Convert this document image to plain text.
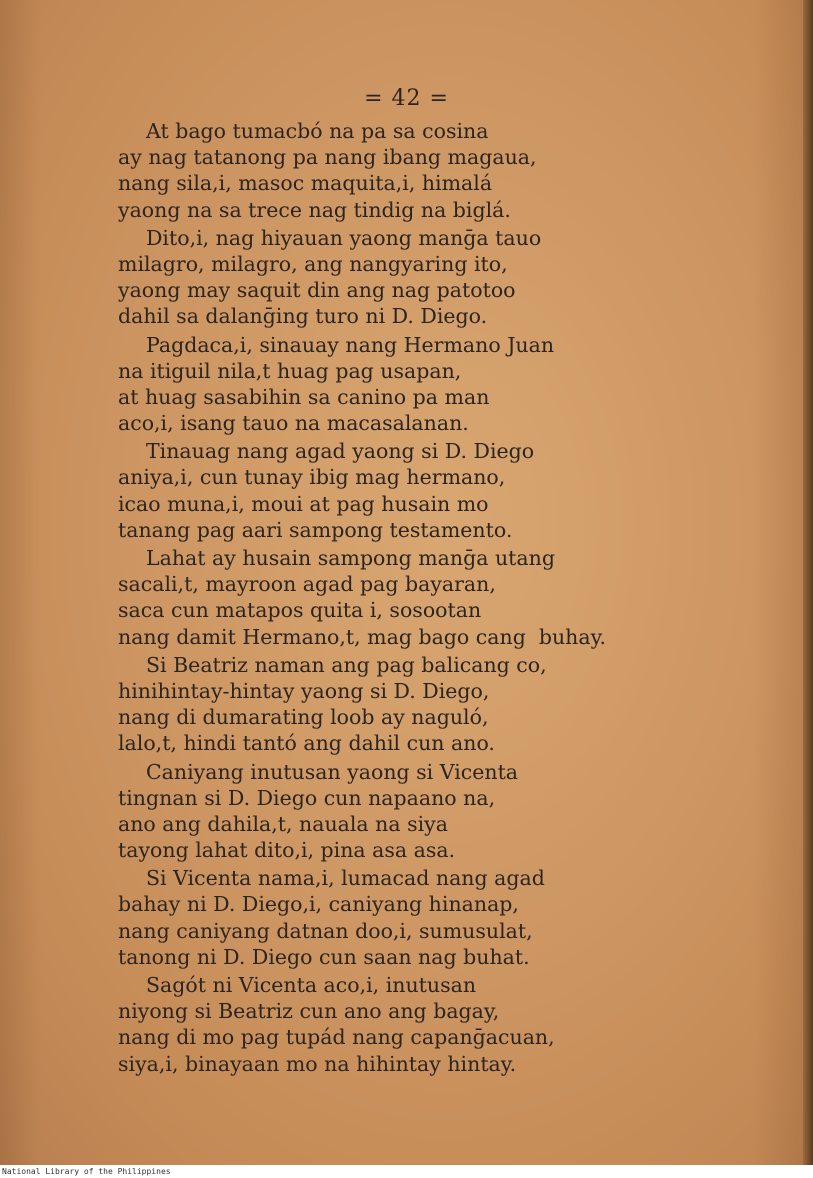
= 42 =
At bago tumacbó na pa sa cosina
ay nag tatanong pa nang ibang magaua,
nang sila,i, masoc maquita,i, himalá
yaong na sa trece nag tindig na biglá.
Dito,i, nag hiyauan yaong manḡa tauo
milagro, milagro, ang nangyaring ito,
yaong may saquit din ang nag patotoo
dahil sa dalanḡing turo ni D. Diego.
Pagdaca,i, sinauay nang Hermano Juan
na itiguil nila,t huag pag usapan,
at huag sasabihin sa canino pa man
aco,i, isang tauo na macasalanan.
Tinauag nang agad yaong si D. Diego
aniya,i, cun tunay ibig mag hermano,
icao muna,i, moui at pag husain mo
tanang pag aari sampong testamento.
Lahat ay husain sampong manḡa utang
sacali,t, mayroon agad pag bayaran,
saca cun matapos quita i, sosootan
nang damit Hermano,t, mag bago cang  buhay.
Si Beatriz naman ang pag balicang co,
hinihintay-hintay yaong si D. Diego,
nang di dumarating loob ay naguló,
lalo,t, hindi tantó ang dahil cun ano.
Caniyang inutusan yaong si Vicenta
tingnan si D. Diego cun napaano na,
ano ang dahila,t, nauala na siya
tayong lahat dito,i, pina asa asa.
Si Vicenta nama,i, lumacad nang agad
bahay ni D. Diego,i, caniyang hinanap,
nang caniyang datnan doo,i, sumusulat,
tanong ni D. Diego cun saan nag buhat.
Sagót ni Vicenta aco,i, inutusan
niyong si Beatriz cun ano ang bagay,
nang di mo pag tupád nang capanḡacuan,
siya,i, binayaan mo na hihintay hintay.
National Library of the Philippines
